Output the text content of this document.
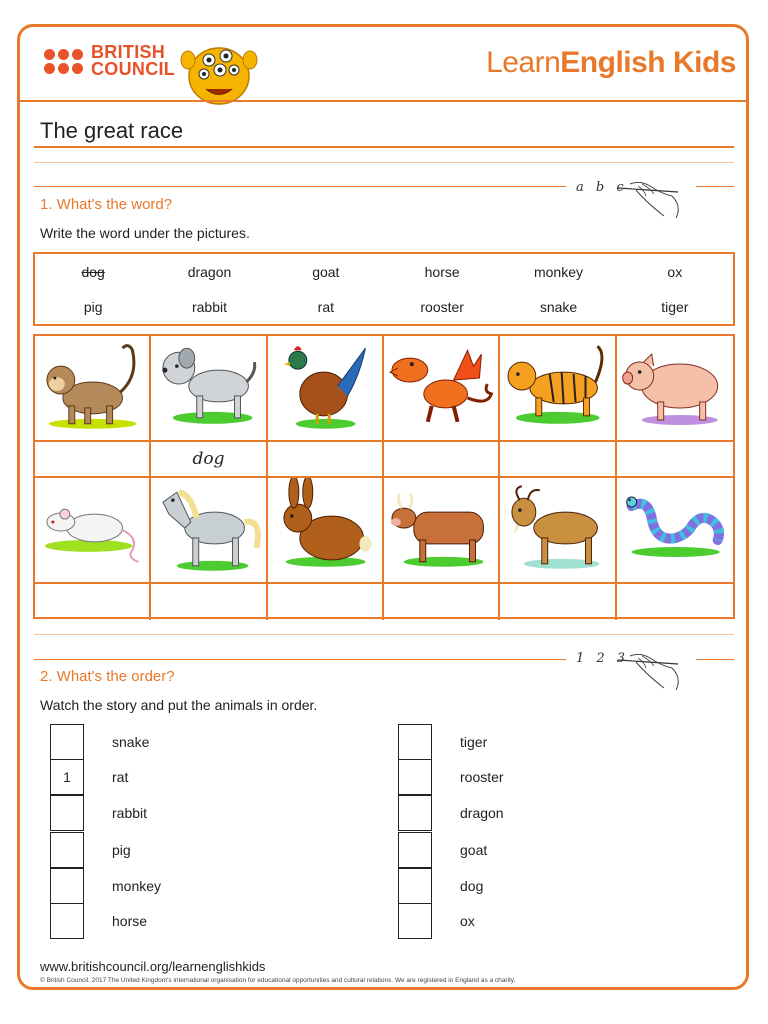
BRITISH
COUNCIL	LearnEnglish Kids
The great race
a b c
1. What's the word?
Write the word under the pictures.
dog	dragon	goat	horse	monkey	ox
pig	rabbit	rat	rooster	snake	tiger
dog
1 2 3
2. What's the order?
Watch the story and put the animals in order.
snake
1	rat
rabbit
pig
monkey
horse
tiger
rooster
dragon
goat
dog
ox
www.britishcouncil.org/learnenglishkids
© British Council, 2017 The United Kingdom's international organisation for educational opportunities and cultural relations. We are registered in England as a charity.
